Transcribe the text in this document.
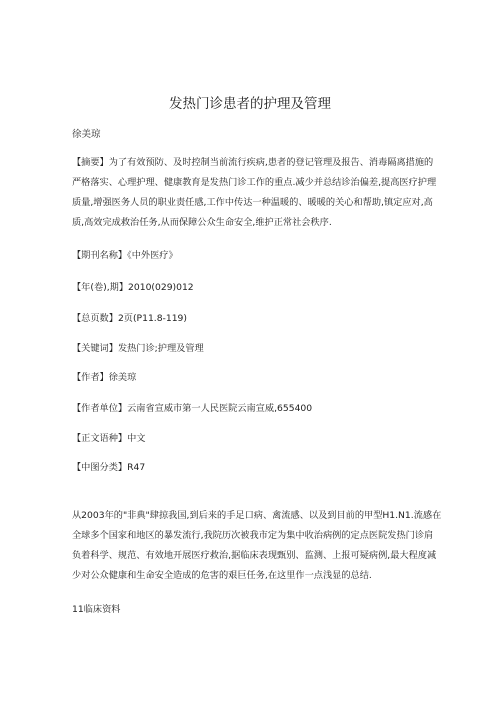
发热门诊患者的护理及管理
徐美琼
【摘要】为了有效预防、及时控制当前流行疾病,患者的登记管理及报告、消毒隔离措施的严格落实、心理护理、健康教育是发热门诊工作的重点.减少并总结诊治偏差,提高医疗护理质量,增强医务人员的职业责任感,工作中传达一种温暖的、暖暖的关心和帮助,镇定应对,高质,高效完成救治任务,从而保障公众生命安全,维护正常社会秩序.
【期刊名称】《中外医疗》
【年(卷),期】2010(029)012
【总页数】2页(P11.8-119)
【关键词】发热门诊;护理及管理
【作者】徐美琼
【作者单位】云南省宣威市第一人民医院云南宣威,655400
【正文语种】中文
【中图分类】R47
从2003年的"非典"肆掠我国,到后来的手足口病、禽流感、以及到目前的甲型H1.N1.流感在全球多个国家和地区的暴发流行,我院历次被我市定为集中收治病例的定点医院发热门诊肩负着科学、规范、有效地开展医疗救治,据临床表现甄别、监测、上报可疑病例,最大程度减少对公众健康和生命安全造成的危害的艰巨任务,在这里作一点浅显的总结.
11临床资料
